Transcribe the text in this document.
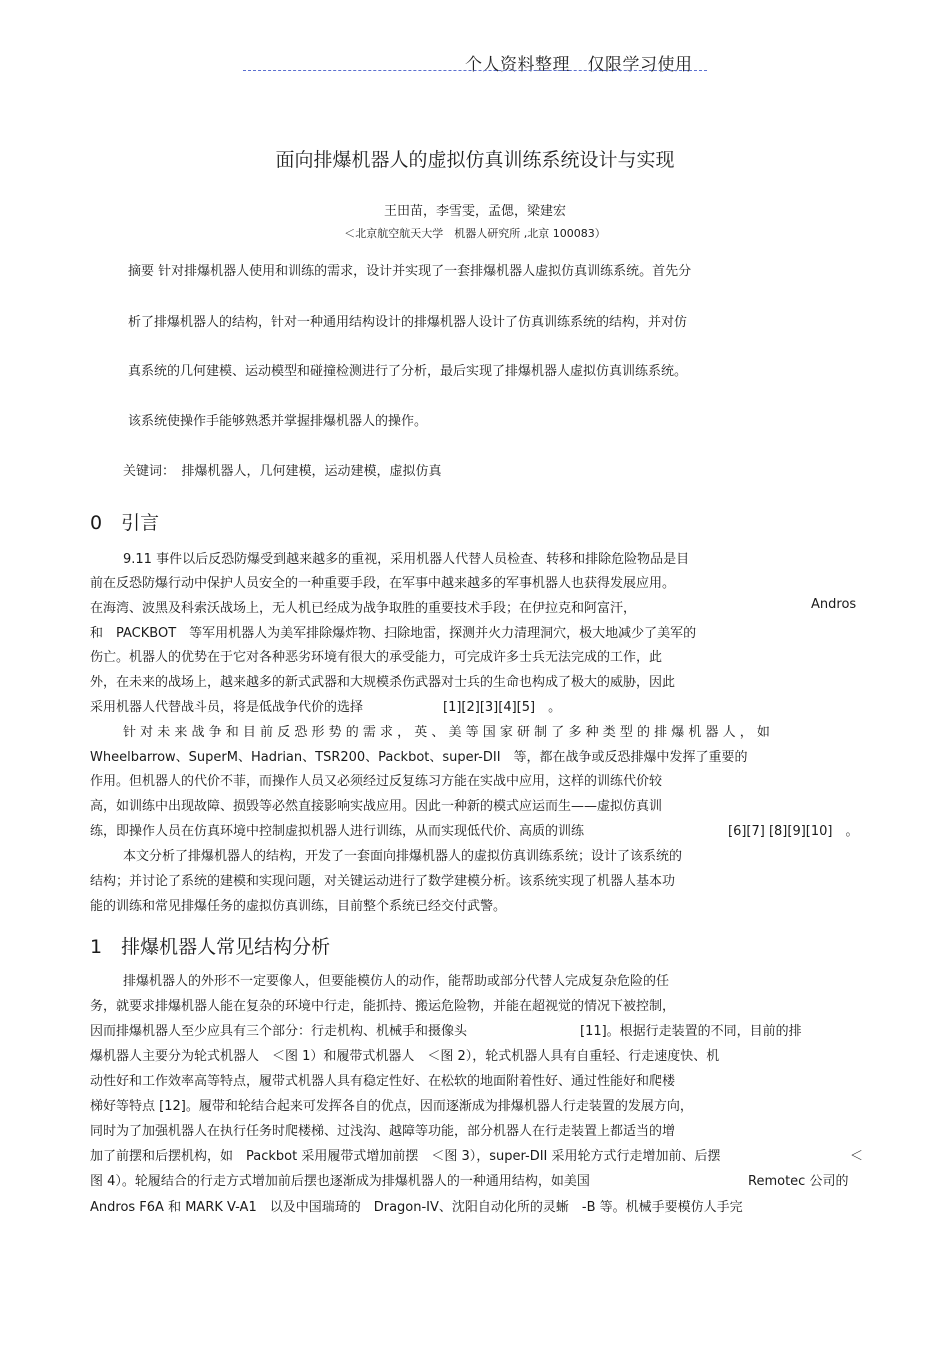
个人资料整理　仅限学习使用
面向排爆机器人的虚拟仿真训练系统设计与实现
王田苗，李雪雯，孟偲，梁建宏
＜北京航空航天大学　机器人研究所 ,北京 100083）
摘要 针对排爆机器人使用和训练的需求，设计并实现了一套排爆机器人虚拟仿真训练系统。首先分
析了排爆机器人的结构，针对一种通用结构设计的排爆机器人设计了仿真训练系统的结构，并对仿
真系统的几何建模、运动模型和碰撞检测进行了分析，最后实现了排爆机器人虚拟仿真训练系统。
该系统使操作手能够熟悉并掌握排爆机器人的操作。
关键词：　排爆机器人，几何建模，运动建模，虚拟仿真
0　引言
9.11 事件以后反恐防爆受到越来越多的重视，采用机器人代替人员检查、转移和排除危险物品是目
前在反恐防爆行动中保护人员安全的一种重要手段，在军事中越来越多的军事机器人也获得发展应用。
在海湾、波黑及科索沃战场上，无人机已经成为战争取胜的重要技术手段；在伊拉克和阿富汗，	Andros
和　PACKBOT　等军用机器人为美军排除爆炸物、扫除地雷，探测并火力清理洞穴，极大地减少了美军的
伤亡。机器人的优势在于它对各种恶劣环境有很大的承受能力，可完成许多士兵无法完成的工作，此
外，在未来的战场上，越来越多的新式武器和大规模杀伤武器对士兵的生命也构成了极大的威胁，因此
采用机器人代替战斗员，将是低战争代价的选择	[1][2][3][4][5]　。
针 对 未 来 战 争 和 目 前 反 恐 形 势 的 需 求 ， 英 、 美 等 国 家 研 制 了 多 种 类 型 的 排 爆 机 器 人 ， 如
Wheelbarrow、SuperM、Hadrian、TSR200、Packbot、super-DII　等，都在战争或反恐排爆中发挥了重要的
作用。但机器人的代价不菲，而操作人员又必须经过反复练习方能在实战中应用，这样的训练代价较
高，如训练中出现故障、损毁等必然直接影响实战应用。因此一种新的模式应运而生——虚拟仿真训
练，即操作人员在仿真环境中控制虚拟机器人进行训练，从而实现低代价、高质的训练	[6][7] [8][9][10]　。
本文分析了排爆机器人的结构，开发了一套面向排爆机器人的虚拟仿真训练系统；设计了该系统的
结构；并讨论了系统的建模和实现问题，对关键运动进行了数学建模分析。该系统实现了机器人基本功
能的训练和常见排爆任务的虚拟仿真训练，目前整个系统已经交付武警。
1　排爆机器人常见结构分析
排爆机器人的外形不一定要像人，但要能模仿人的动作，能帮助或部分代替人完成复杂危险的任
务，就要求排爆机器人能在复杂的环境中行走，能抓持、搬运危险物，并能在超视觉的情况下被控制，
因而排爆机器人至少应具有三个部分：行走机构、机械手和摄像头	[11]。根据行走装置的不同，目前的排
爆机器人主要分为轮式机器人　＜图 1）和履带式机器人　＜图 2），轮式机器人具有自重轻、行走速度快、机
动性好和工作效率高等特点，履带式机器人具有稳定性好、在松软的地面附着性好、通过性能好和爬楼
梯好等特点 [12]。履带和轮结合起来可发挥各自的优点，因而逐渐成为排爆机器人行走装置的发展方向，
同时为了加强机器人在执行任务时爬楼梯、过浅沟、越障等功能，部分机器人在行走装置上都适当的增
加了前摆和后摆机构，如　Packbot 采用履带式增加前摆　＜图 3），super-DII 采用轮方式行走增加前、后摆	＜
图 4）。轮履结合的行走方式增加前后摆也逐渐成为排爆机器人的一种通用结构，如美国	Remotec 公司的
Andros F6A 和 MARK V-A1　以及中国瑞琦的　Dragon-IV、沈阳自动化所的灵蜥　-B 等。机械手要模仿人手完
